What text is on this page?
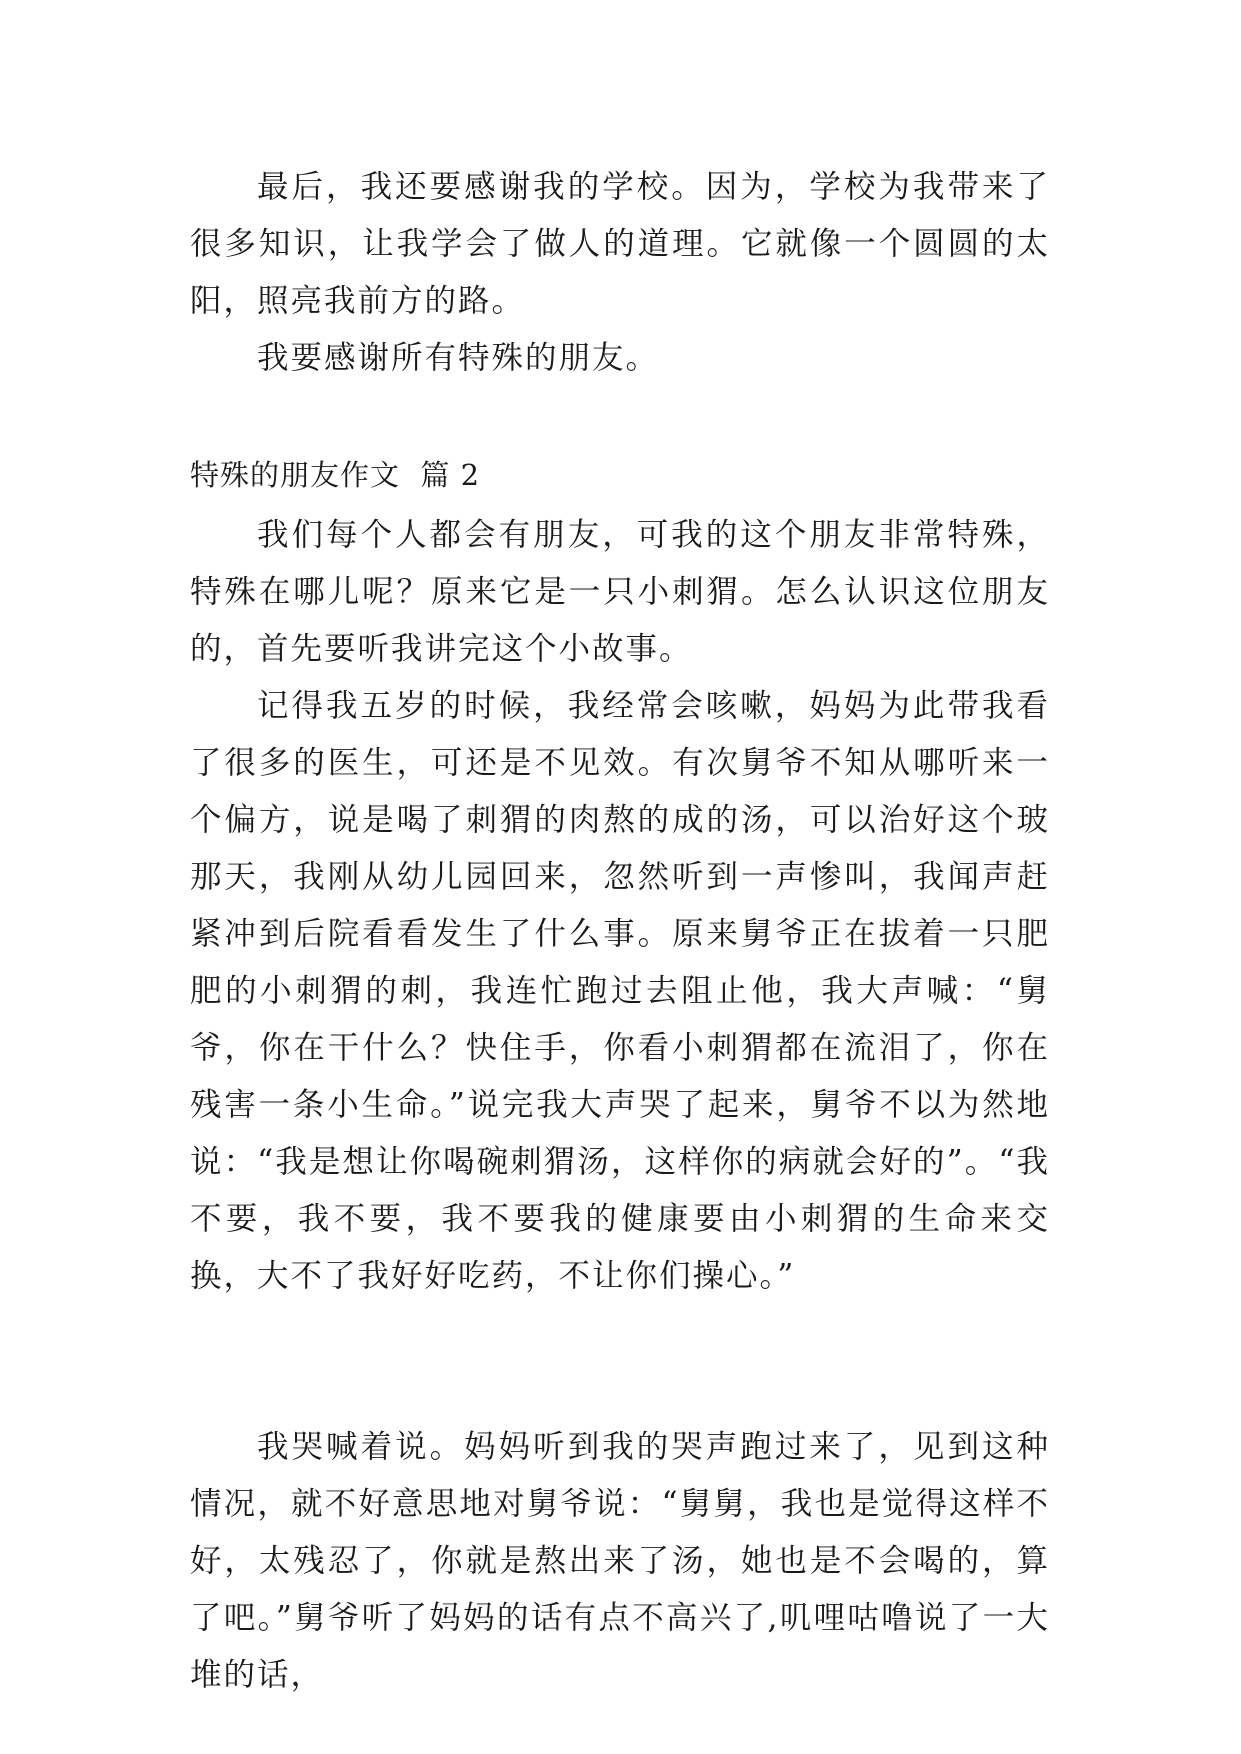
最后，我还要感谢我的学校。因为，学校为我带来了很多知识，让我学会了做人的道理。它就像一个圆圆的太阳，照亮我前方的路。

我要感谢所有特殊的朋友。

特殊的朋友作文  篇 2

我们每个人都会有朋友，可我的这个朋友非常特殊，特殊在哪儿呢？原来它是一只小刺猬。怎么认识这位朋友的，首先要听我讲完这个小故事。

记得我五岁的时候，我经常会咳嗽，妈妈为此带我看了很多的医生，可还是不见效。有次舅爷不知从哪听来一个偏方，说是喝了刺猬的肉熬的成的汤，可以治好这个玻那天，我刚从幼儿园回来，忽然听到一声惨叫，我闻声赶紧冲到后院看看发生了什么事。原来舅爷正在拔着一只肥肥的小刺猬的刺，我连忙跑过去阻止他，我大声喊：“舅爷，你在干什么？快住手，你看小刺猬都在流泪了，你在残害一条小生命。”说完我大声哭了起来，舅爷不以为然地说：“我是想让你喝碗刺猬汤，这样你的病就会好的”。“我不要，我不要，我不要我的健康要由小刺猬的生命来交换，大不了我好好吃药，不让你们操心。”

我哭喊着说。妈妈听到我的哭声跑过来了，见到这种情况，就不好意思地对舅爷说：“舅舅，我也是觉得这样不好，太残忍了，你就是熬出来了汤，她也是不会喝的，算了吧。”舅爷听了妈妈的话有点不高兴了,叽哩咕噜说了一大堆的话，
